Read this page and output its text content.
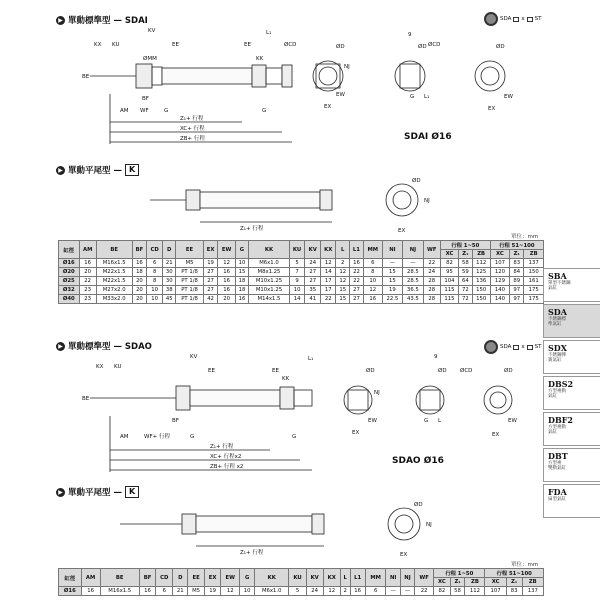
▶ 單動標準型 — SDAI	SDA x ST
KX KU
KV
EE	EE
L₁
ØCD
ØMM
BE
BF
AM WF	G	G
KK
Z₁+ 行程
XC+ 行程
ZB+ 行程
ØD
NJ
EW
EX
9
ØCD
ØD
G L₁
ØD
EW
EX
SDAI Ø16
▶ 單動平尾型 — K
Z₁+ 行程
ØD
NJ
EX
單位：mm
缸徑	AM	BE	BF	CD	D	EE	EX	EW	G	KK	KU	KV	KX	L	L1	MM	NI	NJ	WF	行程 1~50			行程 51~100		
																				XC	Z₁	ZB	XC	Z₁	ZB
Ø16	16	M16x1.5	16	6	21	M5	19	12	10	M6x1.0	5	24	12	2	16	6	—	—	22	82	58	112	107	83	137
Ø20	20	M22x1.5	18	8	30	PT 1/8	27	16	15	M8x1.25	7	27	14	12	22	8	15	28.5	24	95	59	125	120	84	150
Ø25	22	M22x1.5	20	8	30	PT 1/8	27	16	18	M10x1.25	9	27	17	12	22	10	15	28.5	28	104	64	136	129	89	161
Ø32	23	M27x2.0	20	10	38	PT 1/8	27	16	18	M10x1.25	10	35	17	15	27	12	19	36.5	28	115	72	150	140	97	175
Ø40	23	M33x2.0	20	10	45	PT 1/8	42	20	16	M14x1.5	14	41	22	15	27	16	22.5	43.5	28	115	72	150	140	97	175
SBA
單型不銹鋼
氣缸
SDA
不銹鋼標
準氣缸
SDX
不銹鋼彈
簧氣缸
DBS2
方型複動
氣缸
DBF2
方型複動
氣缸
DBT
方型複
雙動氣缸
FDA
扁型氣缸
▶ 單動標準型 — SDAO	SDA x ST
KX KU
KV
EE	EE
L₁
BE
BF
AM	WF+ 行程	G	G
KK
Z₁+ 行程
XC+ 行程x2
ZB+ 行程 x2
ØD
NJ
EW
EX
9
ØCD
ØD
G L
ØD
EW
EX
SDAO Ø16
▶ 單動平尾型 — K
Z₁+ 行程
ØD
NJ
EX
單位：mm
缸徑	AM	BE	BF	CD	D	EE	EX	EW	G	KK	KU	KV	KX	L	L1	MM	NI	NJ	WF	行程 1~50			行程 51~100		
																				XC	Z₁	ZB	XC	Z₁	ZB
Ø16	16	M16x1.5	16	6	21	M5	19	12	10	M6x1.0	5	24	12	2	16	6	—	—	22	82	58	112	107	83	137
